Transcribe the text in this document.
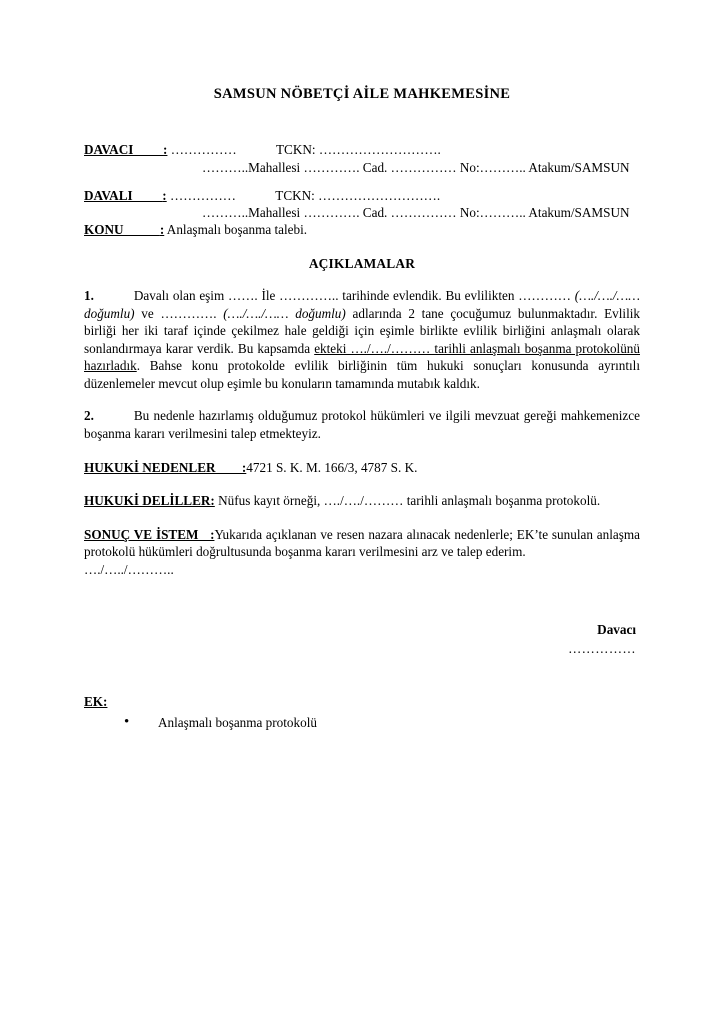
SAMSUN NÖBETÇİ AİLE MAHKEMESİNE
DAVACI         : ……………	TCKN: ……………………….
………..Mahallesi …………. Cad. …………… No:……….. Atakum/SAMSUN
DAVALI         : ……………	TCKN: ……………………….
………..Mahallesi …………. Cad. …………… No:……….. Atakum/SAMSUN
KONU           : Anlaşmalı boşanma talebi.
AÇIKLAMALAR

1.	Davalı olan eşim ……. İle ………….. tarihinde evlendik. Bu evlilikten ………… (…./…./…… doğumlu) ve …………. (…./…./…… doğumlu) adlarında 2 tane çocuğumuz bulunmaktadır. Evlilik birliği her iki taraf içinde çekilmez hale geldiği için eşimle birlikte evlilik birliğini anlaşmalı olarak sonlandırmaya karar verdik. Bu kapsamda ekteki …./…./……… tarihli anlaşmalı boşanma protokolünü hazırladık. Bahse konu protokolde evlilik birliğinin tüm hukuki sonuçları konusunda ayrıntılı düzenlemeler mevcut olup eşimle bu konuların tamamında mutabık kaldık.

2.	Bu nedenle hazırlamış olduğumuz protokol hükümleri ve ilgili mevzuat gereği mahkemenizce boşanma kararı verilmesini talep etmekteyiz.

HUKUKİ NEDENLER        :4721 S. K. M. 166/3, 4787 S. K.

HUKUKİ DELİLLER: Nüfus kayıt örneği, …./…./……… tarihli anlaşmalı boşanma protokolü.

SONUÇ VE İSTEM   :Yukarıda açıklanan ve resen nazara alınacak nedenlerle; EK’te sunulan anlaşma protokolü hükümleri doğrultusunda boşanma kararı verilmesini arz ve talep ederim.
…./…../………..

Davacı
……………
EK:
• Anlaşmalı boşanma protokolü
